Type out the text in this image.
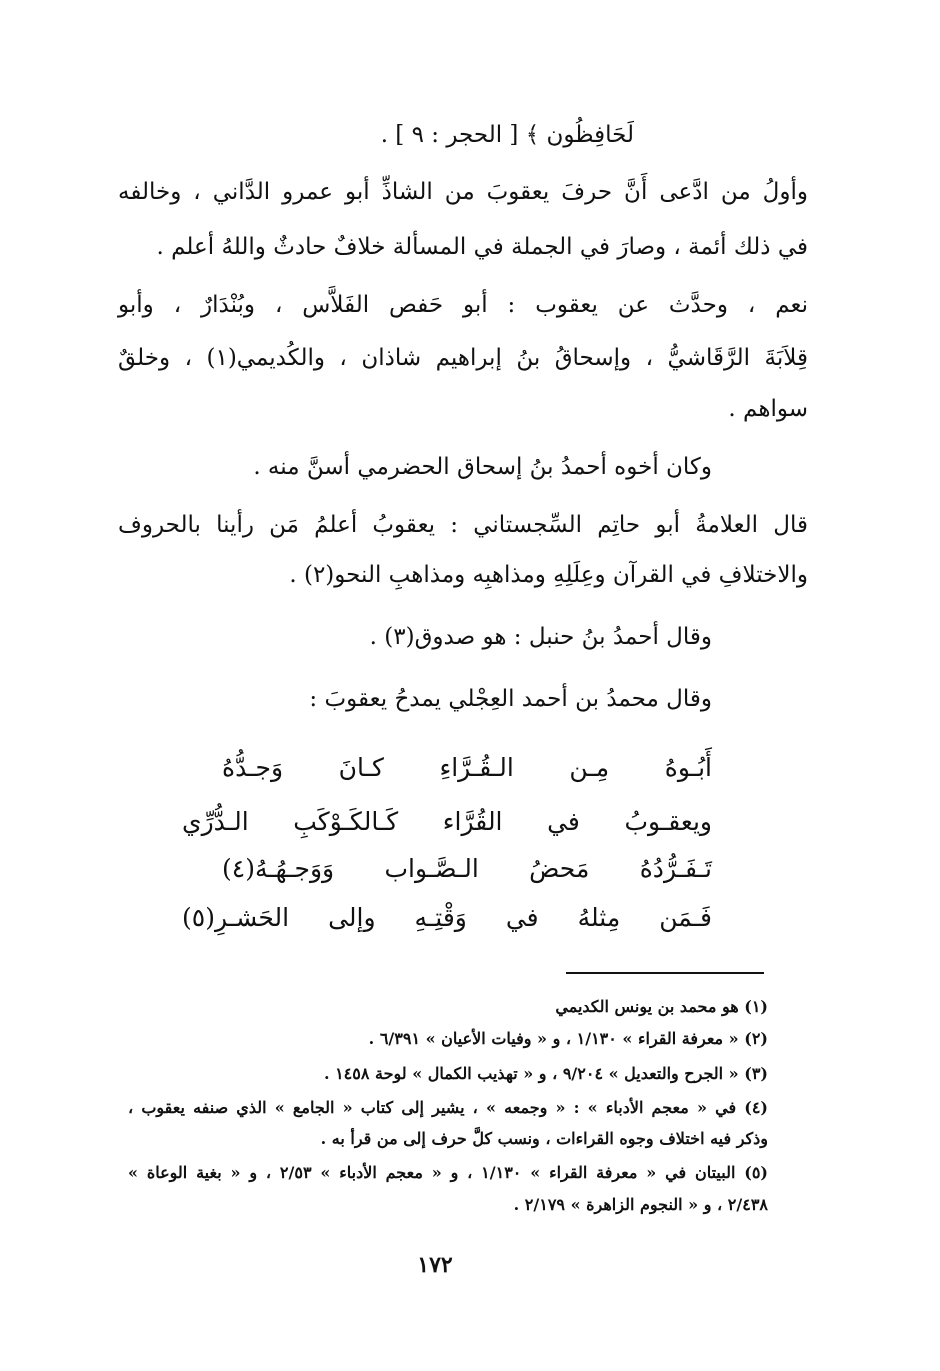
لَحَافِظُون ﴾ [ الحجر : ٩ ] .
وأولُ من ادَّعى أَنَّ حرفَ يعقوبَ من الشاذِّ أبو عمرو الدَّاني ، وخالفه
في ذلك أئمة ، وصارَ في الجملة في المسألة خلافٌ حادثٌ واللهُ أعلم .
نعم ، وحدَّث عن يعقوب : أبو حَفص الفَلاَّس ، وبُنْدَارٌ ، وأبو
قِلاَبَةَ الرَّقَاشيُّ ، وإسحاقُ بنُ إبراهيم شاذان ، والكُديمي(١) ، وخلقٌ
سواهم .
وكان أخوه أحمدُ بنُ إسحاق الحضرمي أسنَّ منه .
قال العلامةُ أبو حاتِم السِّجستاني : يعقوبُ أعلمُ مَن رأينا بالحروف
والاختلافِ في القرآن وعِلَلِهِ ومذاهبِه ومذاهبِ النحو(٢) .
وقال أحمدُ بنُ حنبل : هو صدوق(٣) .
وقال محمدُ بن أحمد العِجْلي يمدحُ يعقوبَ :
أَبُـوهُ مِـن الـقُـرَّاءِ كـانَ وَجـدُّهُ
ويعقـوبُ في القُرَّاء كَـالكَـوْكَبِ الـدُّرِّي
تَـفَـرُّدُهُ مَحضُ الـصَّـواب وَوَجـهُـهُ(٤)
فَـمَن مِثلهُ في وَقْتِـهِ وإلى الحَشـرِ(٥)
(١) هو محمد بن يونس الكديمي
(٢) « معرفة القراء » ١/١٣٠ ، و « وفيات الأعيان » ٦/٣٩١ .
(٣) « الجرح والتعديل » ٩/٢٠٤ ، و « تهذيب الكمال » لوحة ١٤٥٨ .
(٤) في « معجم الأدباء » : « وجمعه » ، يشير إلى كتاب « الجامع » الذي صنفه يعقوب ،
وذكر فيه اختلاف وجوه القراءات ، ونسب كلَّ حرف إلى من قرأ به .
(٥) البيتان في « معرفة القراء » ١/١٣٠ ، و « معجم الأدباء » ٢/٥٣ ، و « بغية الوعاة »
٢/٤٣٨ ، و « النجوم الزاهرة » ٢/١٧٩ .
١٧٢
